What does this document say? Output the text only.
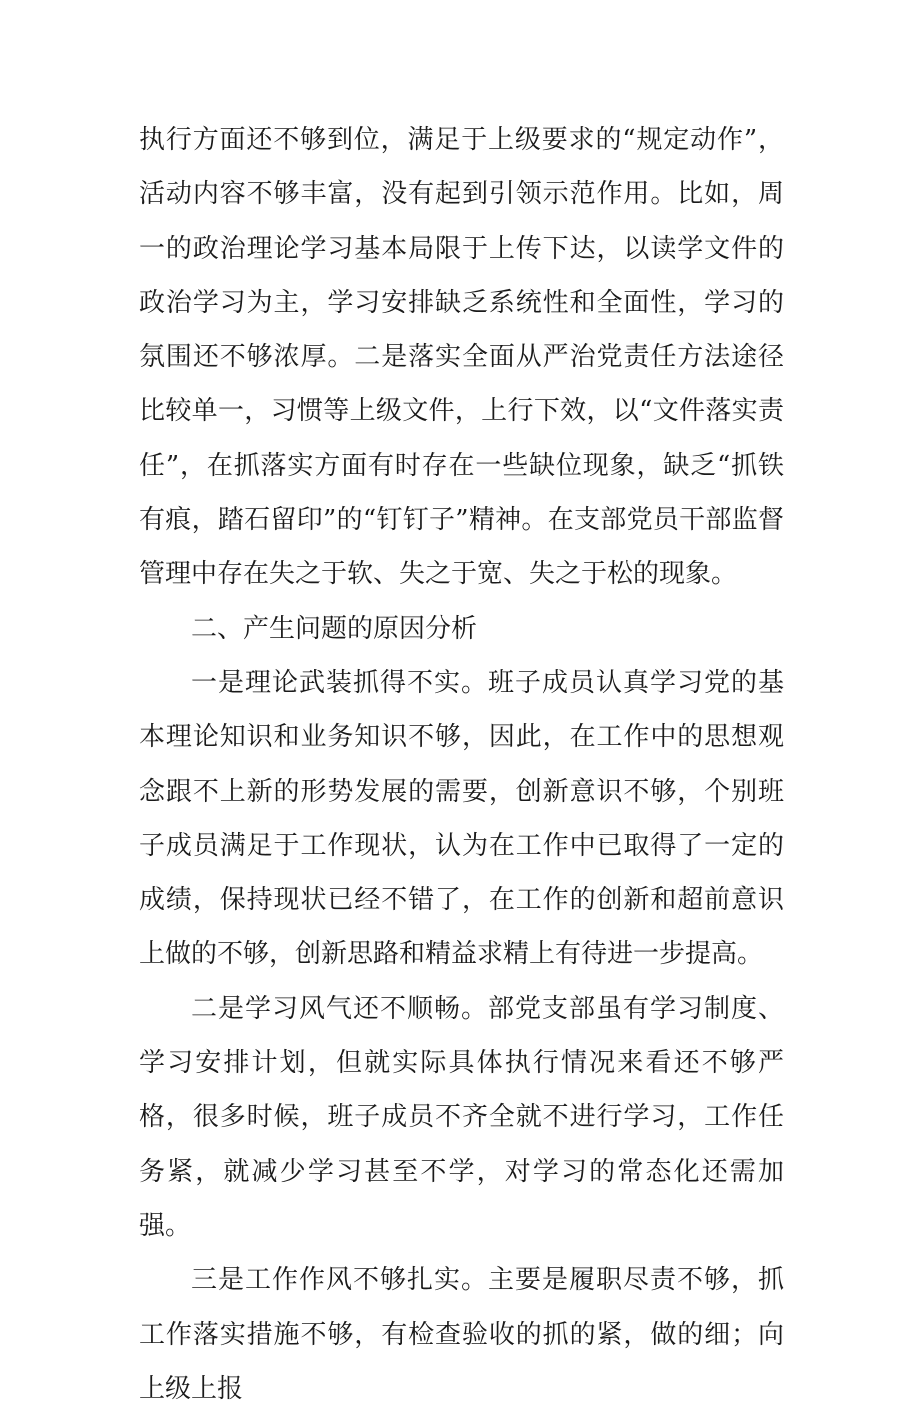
执行方面还不够到位，满足于上级要求的“规定动作”，活动内容不够丰富，没有起到引领示范作用。比如，周一的政治理论学习基本局限于上传下达，以读学文件的政治学习为主，学习安排缺乏系统性和全面性，学习的氛围还不够浓厚。二是落实全面从严治党责任方法途径比较单一，习惯等上级文件，上行下效，以“文件落实责任”，在抓落实方面有时存在一些缺位现象，缺乏“抓铁有痕，踏石留印”的“钉钉子”精神。在支部党员干部监督管理中存在失之于软、失之于宽、失之于松的现象。

二、产生问题的原因分析

一是理论武装抓得不实。班子成员认真学习党的基本理论知识和业务知识不够，因此，在工作中的思想观念跟不上新的形势发展的需要，创新意识不够，个别班子成员满足于工作现状，认为在工作中已取得了一定的成绩，保持现状已经不错了，在工作的创新和超前意识上做的不够，创新思路和精益求精上有待进一步提高。

二是学习风气还不顺畅。部党支部虽有学习制度、学习安排计划，但就实际具体执行情况来看还不够严格，很多时候，班子成员不齐全就不进行学习，工作任务紧，就减少学习甚至不学，对学习的常态化还需加强。

三是工作作风不够扎实。主要是履职尽责不够，抓工作落实措施不够，有检查验收的抓的紧，做的细；向上级上报
